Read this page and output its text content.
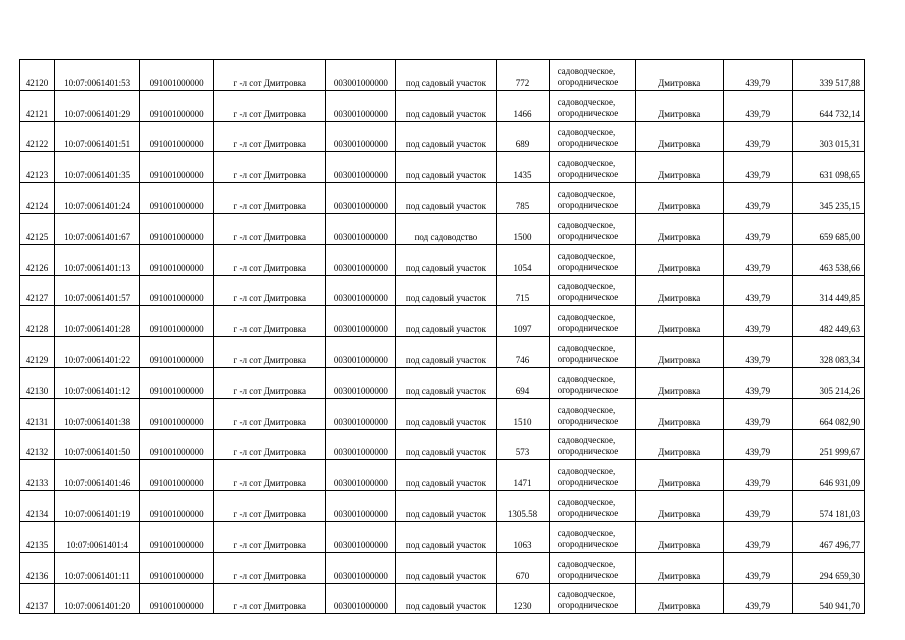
42120	10:07:0061401:53	091001000000	г -л сот Дмитровка	003001000000	под садовый участок	772	садоводческое, огородническое	Дмитровка	439,79	339 517,88
42121	10:07:0061401:29	091001000000	г -л сот Дмитровка	003001000000	под садовый участок	1466	садоводческое, огородническое	Дмитровка	439,79	644 732,14
42122	10:07:0061401:51	091001000000	г -л сот Дмитровка	003001000000	под садовый участок	689	садоводческое, огородническое	Дмитровка	439,79	303 015,31
42123	10:07:0061401:35	091001000000	г -л сот Дмитровка	003001000000	под садовый участок	1435	садоводческое, огородническое	Дмитровка	439,79	631 098,65
42124	10:07:0061401:24	091001000000	г -л сот Дмитровка	003001000000	под садовый участок	785	садоводческое, огородническое	Дмитровка	439,79	345 235,15
42125	10:07:0061401:67	091001000000	г -л сот Дмитровка	003001000000	под садоводство	1500	садоводческое, огородническое	Дмитровка	439,79	659 685,00
42126	10:07:0061401:13	091001000000	г -л сот Дмитровка	003001000000	под садовый участок	1054	садоводческое, огородническое	Дмитровка	439,79	463 538,66
42127	10:07:0061401:57	091001000000	г -л сот Дмитровка	003001000000	под садовый участок	715	садоводческое, огородническое	Дмитровка	439,79	314 449,85
42128	10:07:0061401:28	091001000000	г -л сот Дмитровка	003001000000	под садовый участок	1097	садоводческое, огородническое	Дмитровка	439,79	482 449,63
42129	10:07:0061401:22	091001000000	г -л сот Дмитровка	003001000000	под садовый участок	746	садоводческое, огородническое	Дмитровка	439,79	328 083,34
42130	10:07:0061401:12	091001000000	г -л сот Дмитровка	003001000000	под садовый участок	694	садоводческое, огородническое	Дмитровка	439,79	305 214,26
42131	10:07:0061401:38	091001000000	г -л сот Дмитровка	003001000000	под садовый участок	1510	садоводческое, огородническое	Дмитровка	439,79	664 082,90
42132	10:07:0061401:50	091001000000	г -л сот Дмитровка	003001000000	под садовый участок	573	садоводческое, огородническое	Дмитровка	439,79	251 999,67
42133	10:07:0061401:46	091001000000	г -л сот Дмитровка	003001000000	под садовый участок	1471	садоводческое, огородническое	Дмитровка	439,79	646 931,09
42134	10:07:0061401:19	091001000000	г -л сот Дмитровка	003001000000	под садовый участок	1305.58	садоводческое, огородническое	Дмитровка	439,79	574 181,03
42135	10:07:0061401:4	091001000000	г -л сот Дмитровка	003001000000	под садовый участок	1063	садоводческое, огородническое	Дмитровка	439,79	467 496,77
42136	10:07:0061401:11	091001000000	г -л сот Дмитровка	003001000000	под садовый участок	670	садоводческое, огородническое	Дмитровка	439,79	294 659,30
42137	10:07:0061401:20	091001000000	г -л сот Дмитровка	003001000000	под садовый участок	1230	садоводческое, огородническое	Дмитровка	439,79	540 941,70
